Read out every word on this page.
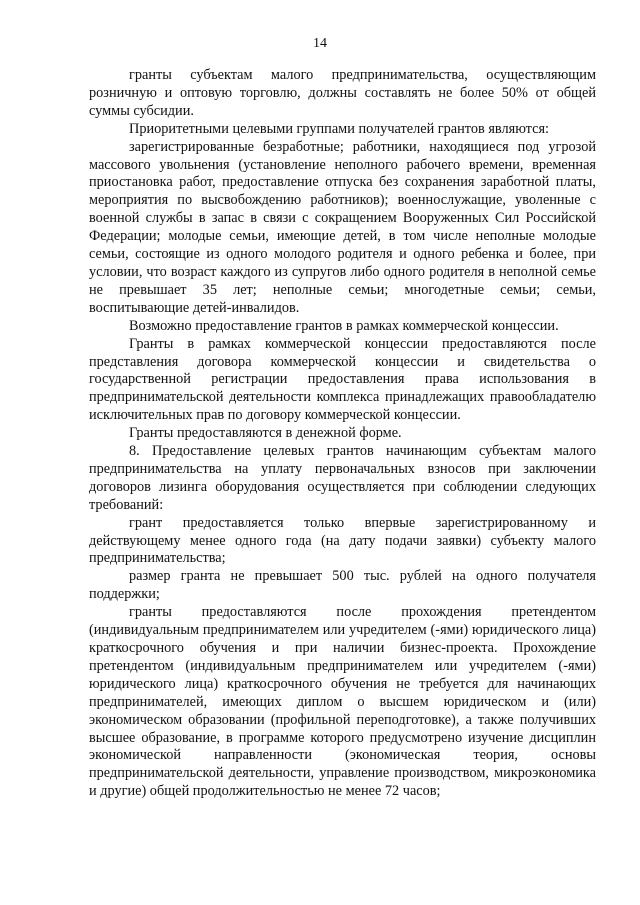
14

гранты субъектам малого предпринимательства, осуществляющим розничную и оптовую торговлю, должны составлять не более 50% от общей суммы субсидии.

Приоритетными целевыми группами получателей грантов являются:

зарегистрированные безработные; работники, находящиеся под угрозой массового увольнения (установление неполного рабочего времени, временная приостановка работ, предоставление отпуска без сохранения заработной платы, мероприятия по высвобождению работников); военнослужащие, уволенные с военной службы в запас в связи с сокращением Вооруженных Сил Российской Федерации; молодые семьи, имеющие детей, в том числе неполные молодые семьи, состоящие из одного молодого родителя и одного ребенка и более, при условии, что возраст каждого из супругов либо одного родителя в неполной семье не превышает 35 лет; неполные семьи; многодетные семьи; семьи, воспитывающие детей-инвалидов.

Возможно предоставление грантов в рамках коммерческой концессии.

Гранты в рамках коммерческой концессии предоставляются после представления договора коммерческой концессии и свидетельства о государственной регистрации предоставления права использования в предпринимательской деятельности комплекса принадлежащих правообладателю исключительных прав по договору коммерческой концессии.

Гранты предоставляются в денежной форме.

8. Предоставление целевых грантов начинающим субъектам малого предпринимательства на уплату первоначальных взносов при заключении договоров лизинга оборудования осуществляется при соблюдении следующих требований:

грант предоставляется только впервые зарегистрированному и действующему менее одного года (на дату подачи заявки) субъекту малого предпринимательства;

размер гранта не превышает 500 тыс. рублей на одного получателя поддержки;

гранты предоставляются после прохождения претендентом (индивидуальным предпринимателем или учредителем (-ями) юридического лица) краткосрочного обучения и при наличии бизнес-проекта. Прохождение претендентом (индивидуальным предпринимателем или учредителем (-ями) юридического лица) краткосрочного обучения не требуется для начинающих предпринимателей, имеющих диплом о высшем юридическом и (или) экономическом образовании (профильной переподготовке), а также получивших высшее образование, в программе которого предусмотрено изучение дисциплин экономической направленности (экономическая теория, основы предпринимательской деятельности, управление производством, микроэкономика и другие) общей продолжительностью не менее 72 часов;
